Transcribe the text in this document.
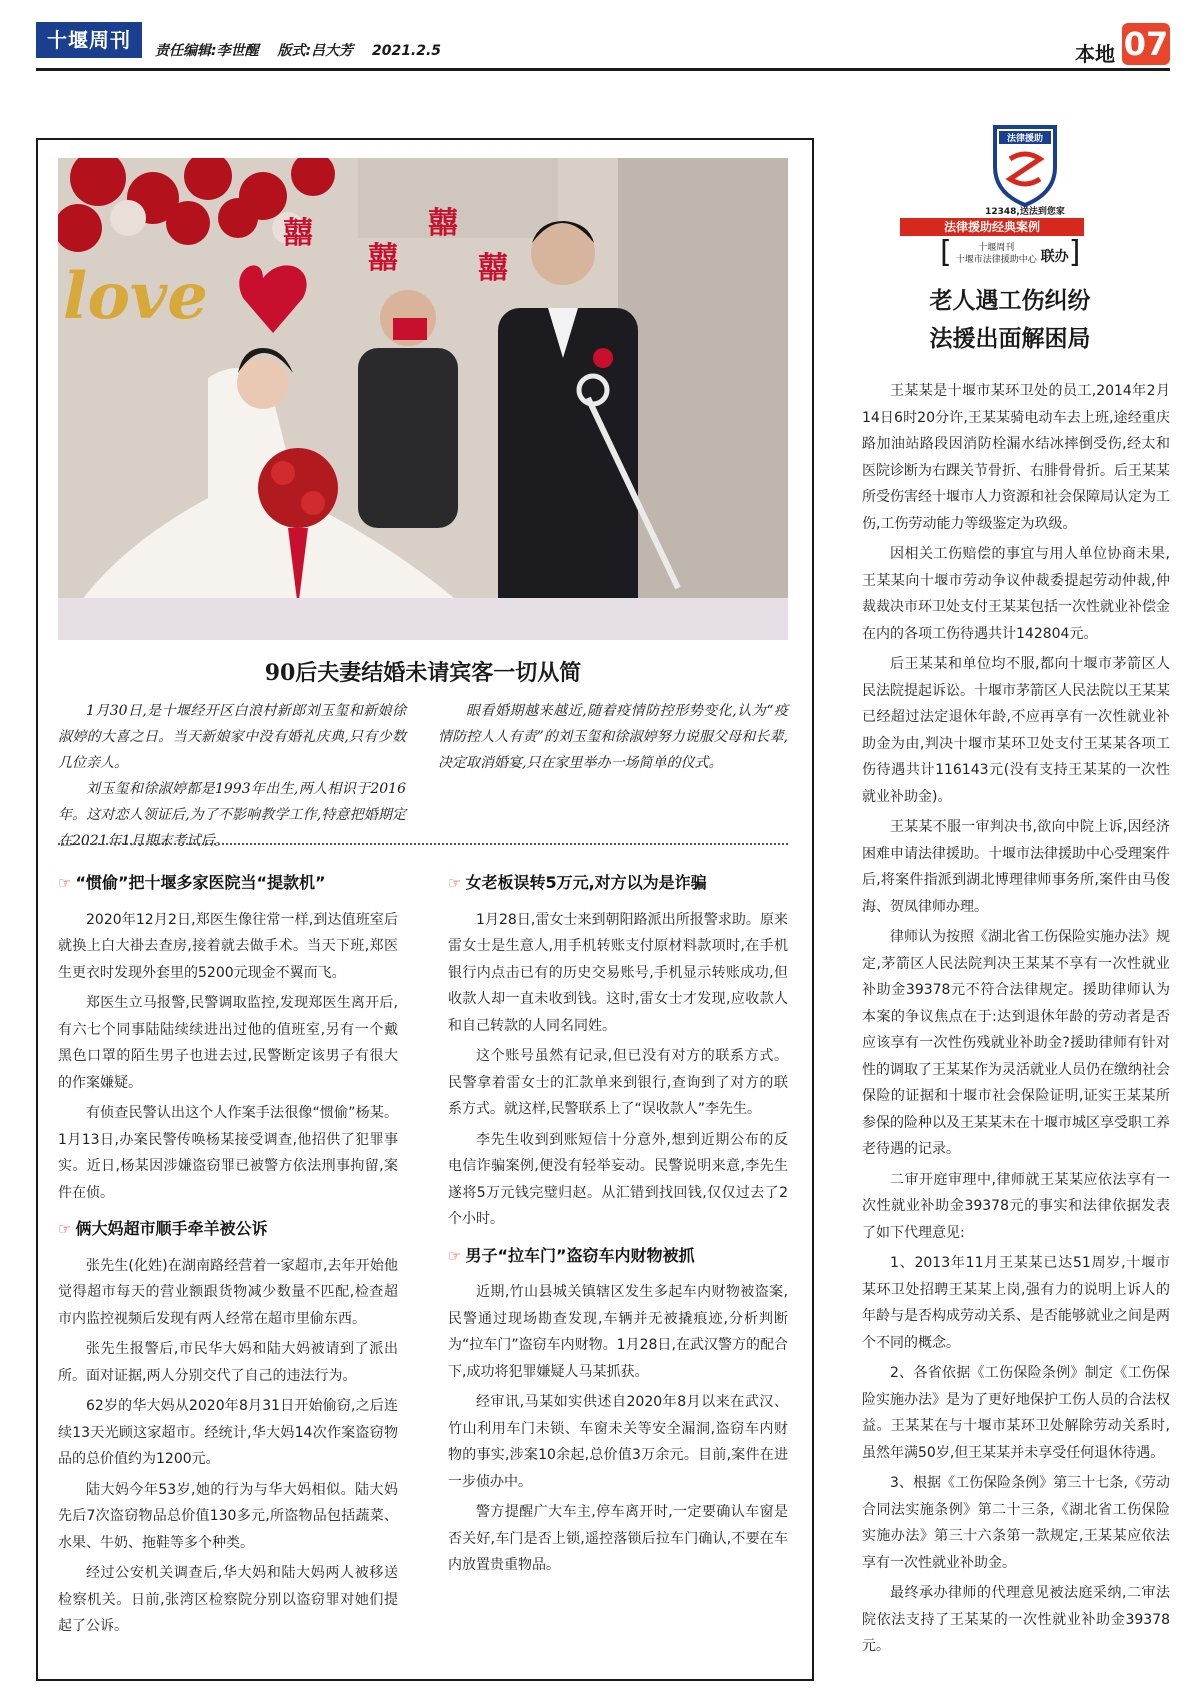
十堰周刊	责任编辑:李世醒 版式:吕大芳 2021.2.5	本地 07
囍
囍
囍
囍
love
90后夫妻结婚未请宾客一切从简

1月30日,是十堰经开区白浪村新郎刘玉玺和新娘徐淑婷的大喜之日。当天新娘家中没有婚礼庆典,只有少数几位亲人。

刘玉玺和徐淑婷都是1993年出生,两人相识于2016年。这对恋人领证后,为了不影响教学工作,特意把婚期定在2021年1月期末考试后。

眼看婚期越来越近,随着疫情防控形势变化,认为“疫情防控人人有责”的刘玉玺和徐淑婷努力说服父母和长辈,决定取消婚宴,只在家里举办一场简单的仪式。

☞ “惯偷”把十堰多家医院当“提款机”

2020年12月2日,郑医生像往常一样,到达值班室后就换上白大褂去查房,接着就去做手术。当天下班,郑医生更衣时发现外套里的5200元现金不翼而飞。

郑医生立马报警,民警调取监控,发现郑医生离开后,有六七个同事陆陆续续进出过他的值班室,另有一个戴黑色口罩的陌生男子也进去过,民警断定该男子有很大的作案嫌疑。

有侦查民警认出这个人作案手法很像“惯偷”杨某。1月13日,办案民警传唤杨某接受调查,他招供了犯罪事实。近日,杨某因涉嫌盗窃罪已被警方依法刑事拘留,案件在侦。

☞ 俩大妈超市顺手牵羊被公诉

张先生(化姓)在湖南路经营着一家超市,去年开始他觉得超市每天的营业额跟货物减少数量不匹配,检查超市内监控视频后发现有两人经常在超市里偷东西。

张先生报警后,市民华大妈和陆大妈被请到了派出所。面对证据,两人分别交代了自己的违法行为。

62岁的华大妈从2020年8月31日开始偷窃,之后连续13天光顾这家超市。经统计,华大妈14次作案盗窃物品的总价值约为1200元。

陆大妈今年53岁,她的行为与华大妈相似。陆大妈先后7次盗窃物品总价值130多元,所盗物品包括蔬菜、水果、牛奶、拖鞋等多个种类。

经过公安机关调查后,华大妈和陆大妈两人被移送检察机关。日前,张湾区检察院分别以盗窃罪对她们提起了公诉。

☞ 女老板误转5万元,对方以为是诈骗

1月28日,雷女士来到朝阳路派出所报警求助。原来雷女士是生意人,用手机转账支付原材料款项时,在手机银行内点击已有的历史交易账号,手机显示转账成功,但收款人却一直未收到钱。这时,雷女士才发现,应收款人和自己转款的人同名同姓。

这个账号虽然有记录,但已没有对方的联系方式。民警拿着雷女士的汇款单来到银行,查询到了对方的联系方式。就这样,民警联系上了“误收款人”李先生。

李先生收到到账短信十分意外,想到近期公布的反电信诈骗案例,便没有轻举妄动。民警说明来意,李先生遂将5万元钱完璧归赵。从汇错到找回钱,仅仅过去了2个小时。

☞ 男子“拉车门”盗窃车内财物被抓

近期,竹山县城关镇辖区发生多起车内财物被盗案,民警通过现场勘查发现,车辆并无被撬痕迹,分析判断为“拉车门”盗窃车内财物。1月28日,在武汉警方的配合下,成功将犯罪嫌疑人马某抓获。

经审讯,马某如实供述自2020年8月以来在武汉、竹山利用车门未锁、车窗未关等安全漏洞,盗窃车内财物的事实,涉案10余起,总价值3万余元。目前,案件在进一步侦办中。

警方提醒广大车主,停车离开时,一定要确认车窗是否关好,车门是否上锁,遥控落锁后拉车门确认,不要在车内放置贵重物品。

法律援助
12348,送法到您家
法律援助经典案例
[	十堰周刊
十堰市法律援助中心 联办]
老人遇工伤纠纷
法援出面解困局

王某某是十堰市某环卫处的员工,2014年2月14日6时20分许,王某某骑电动车去上班,途经重庆路加油站路段因消防栓漏水结冰摔倒受伤,经太和医院诊断为右踝关节骨折、右腓骨骨折。后王某某所受伤害经十堰市人力资源和社会保障局认定为工伤,工伤劳动能力等级鉴定为玖级。

因相关工伤赔偿的事宜与用人单位协商未果,王某某向十堰市劳动争议仲裁委提起劳动仲裁,仲裁裁决市环卫处支付王某某包括一次性就业补偿金在内的各项工伤待遇共计142804元。

后王某某和单位均不服,都向十堰市茅箭区人民法院提起诉讼。十堰市茅箭区人民法院以王某某已经超过法定退休年龄,不应再享有一次性就业补助金为由,判决十堰市某环卫处支付王某某各项工伤待遇共计116143元(没有支持王某某的一次性就业补助金)。

王某某不服一审判决书,欲向中院上诉,因经济困难申请法律援助。十堰市法律援助中心受理案件后,将案件指派到湖北博理律师事务所,案件由马俊海、贺凤律师办理。

律师认为按照《湖北省工伤保险实施办法》规定,茅箭区人民法院判决王某某不享有一次性就业补助金39378元不符合法律规定。援助律师认为本案的争议焦点在于:达到退休年龄的劳动者是否应该享有一次性伤残就业补助金?援助律师有针对性的调取了王某某作为灵活就业人员仍在缴纳社会保险的证据和十堰市社会保险证明,证实王某某所参保的险种以及王某某未在十堰市城区享受职工养老待遇的记录。

二审开庭审理中,律师就王某某应依法享有一次性就业补助金39378元的事实和法律依据发表了如下代理意见:

1、2013年11月王某某已达51周岁,十堰市某环卫处招聘王某某上岗,强有力的说明上诉人的年龄与是否构成劳动关系、是否能够就业之间是两个不同的概念。

2、各省依据《工伤保险条例》制定《工伤保险实施办法》是为了更好地保护工伤人员的合法权益。王某某在与十堰市某环卫处解除劳动关系时,虽然年满50岁,但王某某并未享受任何退休待遇。

3、根据《工伤保险条例》第三十七条,《劳动合同法实施条例》第二十三条,《湖北省工伤保险实施办法》第三十六条第一款规定,王某某应依法享有一次性就业补助金。

最终承办律师的代理意见被法庭采纳,二审法院依法支持了王某某的一次性就业补助金39378元。
